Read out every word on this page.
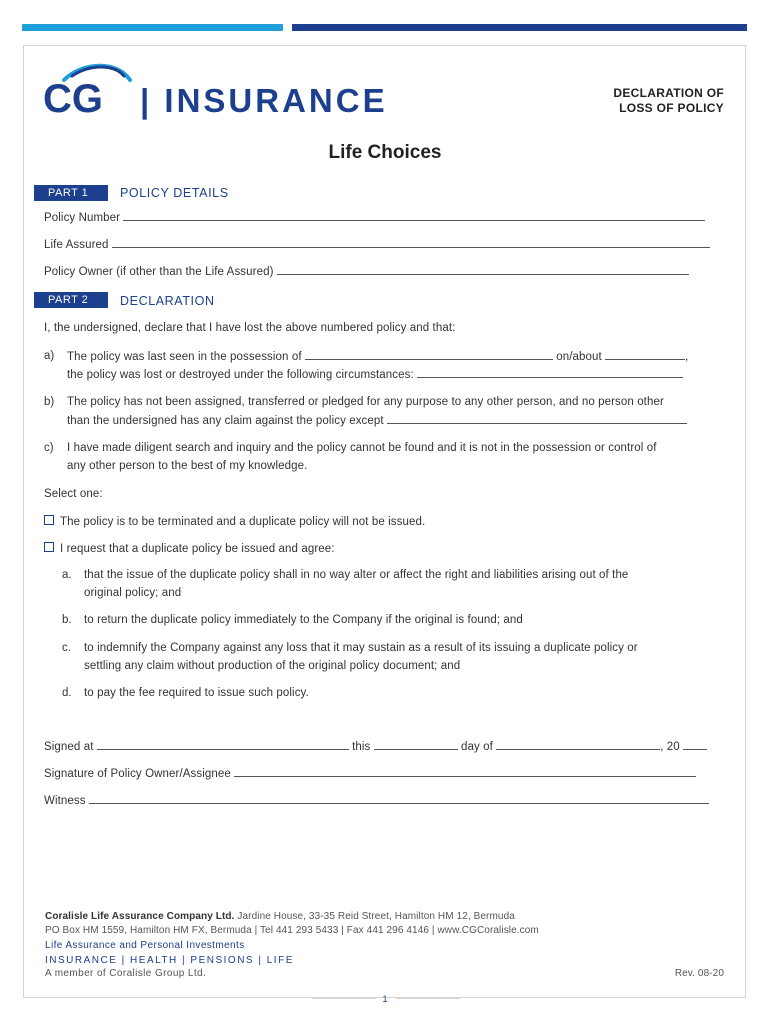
CG | INSURANCE	DECLARATION OF
LOSS OF POLICY
Life Choices
PART 1	POLICY DETAILS
Policy Number
Life Assured
Policy Owner (if other than the Life Assured)
PART 2	DECLARATION
I, the undersigned, declare that I have lost the above numbered policy and that:
a) The policy was last seen in the possession of	on/about	,
the policy was lost or destroyed under the following circumstances:
b) The policy has not been assigned, transferred or pledged for any purpose to any other person, and no person other
than the undersigned has any claim against the policy except
c) I have made diligent search and inquiry and the policy cannot be found and it is not in the possession or control of
any other person to the best of my knowledge.
Select one:
The policy is to be terminated and a duplicate policy will not be issued.
I request that a duplicate policy be issued and agree:
a. that the issue of the duplicate policy shall in no way alter or affect the right and liabilities arising out of the
original policy; and
b. to return the duplicate policy immediately to the Company if the original is found; and
c. to indemnify the Company against any loss that it may sustain as a result of its issuing a duplicate policy or
settling any claim without production of the original policy document; and
d. to pay the fee required to issue such policy.
Signed at	this	day of	, 20
Signature of Policy Owner/Assignee
Witness
Coralisle Life Assurance Company Ltd. Jardine House, 33-35 Reid Street, Hamilton HM 12, Bermuda
PO Box HM 1559, Hamilton HM FX, Bermuda | Tel 441 293 5433 | Fax 441 296 4146 | www.CGCoralisle.com
Life Assurance and Personal Investments
INSURANCE | HEALTH | PENSIONS | LIFE
A member of Coralisle Group Ltd.	Rev. 08-20
1
